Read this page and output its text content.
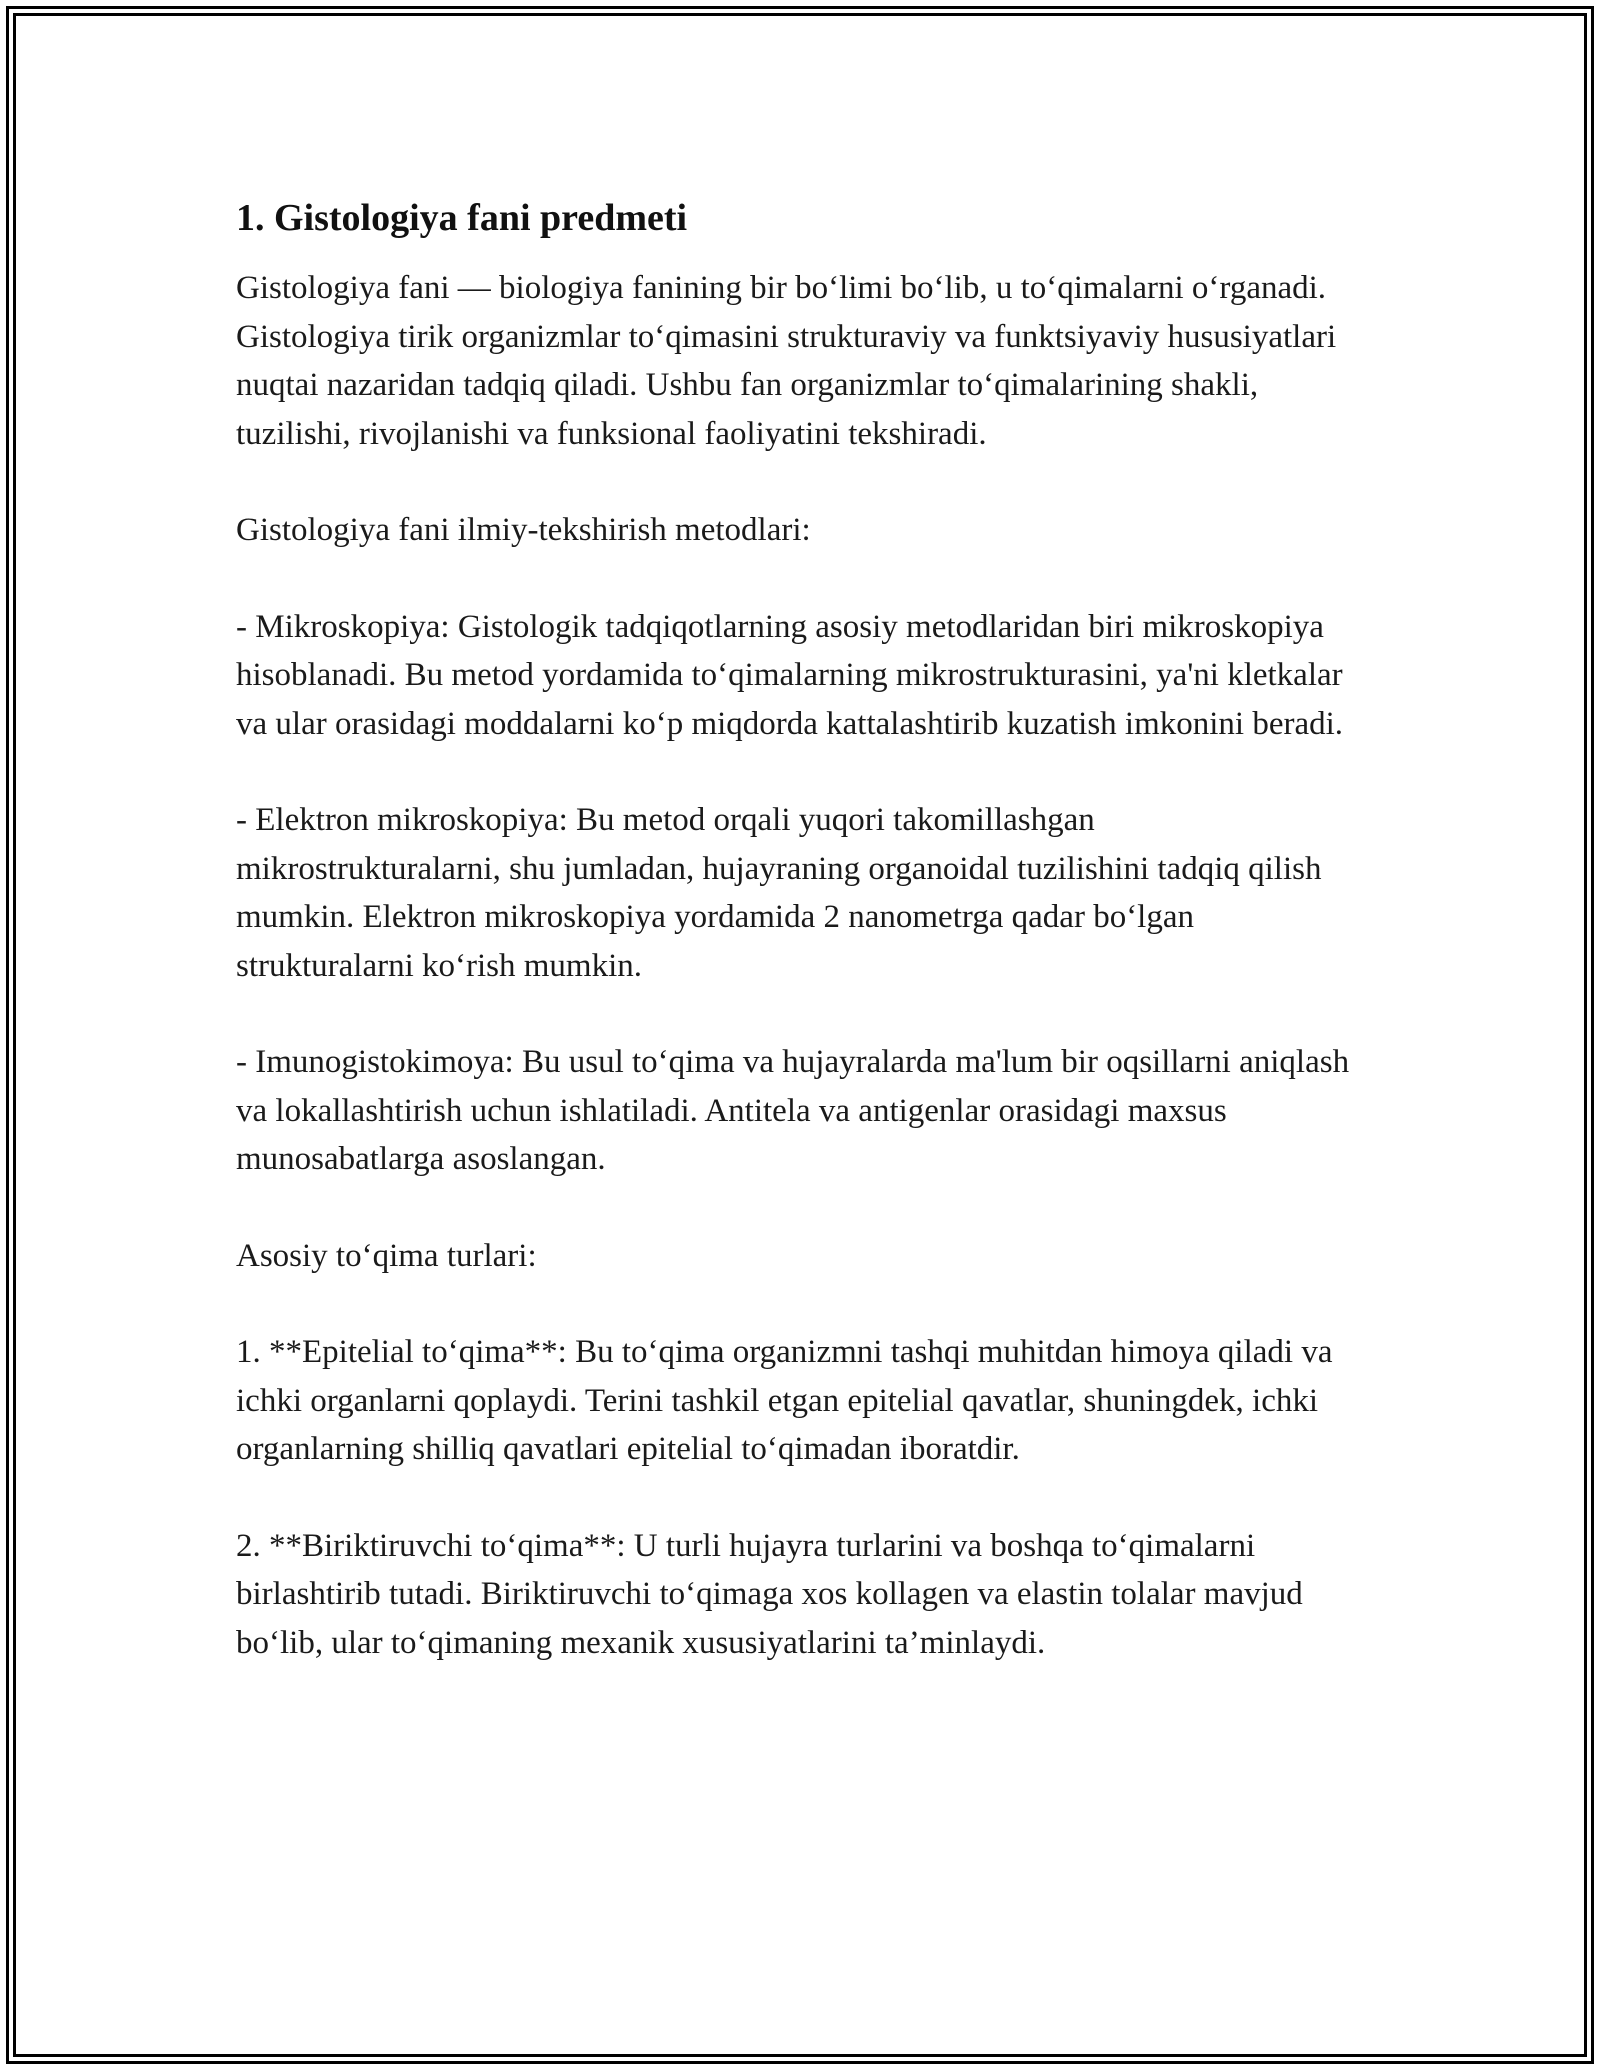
1. Gistologiya fani predmeti

Gistologiya fani — biologiya fanining bir bo‘limi bo‘lib, u to‘qimalarni o‘rganadi. Gistologiya tirik organizmlar to‘qimasini strukturaviy va funktsiyaviy hususiyatlari nuqtai nazaridan tadqiq qiladi. Ushbu fan organizmlar to‘qimalarining shakli, tuzilishi, rivojlanishi va funksional faoliyatini tekshiradi.

Gistologiya fani ilmiy-tekshirish metodlari:

- Mikroskopiya: Gistologik tadqiqotlarning asosiy metodlaridan biri mikroskopiya hisoblanadi. Bu metod yordamida to‘qimalarning mikrostrukturasini, ya'ni kletkalar va ular orasidagi moddalarni ko‘p miqdorda kattalashtirib kuzatish imkonini beradi.

- Elektron mikroskopiya: Bu metod orqali yuqori takomillashgan mikrostrukturalarni, shu jumladan, hujayraning organoidal tuzilishini tadqiq qilish mumkin. Elektron mikroskopiya yordamida 2 nanometrga qadar bo‘lgan strukturalarni ko‘rish mumkin.

- Imunogistokimoya: Bu usul to‘qima va hujayralarda ma'lum bir oqsillarni aniqlash va lokallashtirish uchun ishlatiladi. Antitela va antigenlar orasidagi maxsus munosabatlarga asoslangan.

Asosiy to‘qima turlari:

1. **Epitelial to‘qima**: Bu to‘qima organizmni tashqi muhitdan himoya qiladi va ichki organlarni qoplaydi. Terini tashkil etgan epitelial qavatlar, shuningdek, ichki organlarning shilliq qavatlari epitelial to‘qimadan iboratdir.

2. **Biriktiruvchi to‘qima**: U turli hujayra turlarini va boshqa to‘qimalarni birlashtirib tutadi. Biriktiruvchi to‘qimaga xos kollagen va elastin tolalar mavjud bo‘lib, ular to‘qimaning mexanik xususiyatlarini ta’minlaydi.
